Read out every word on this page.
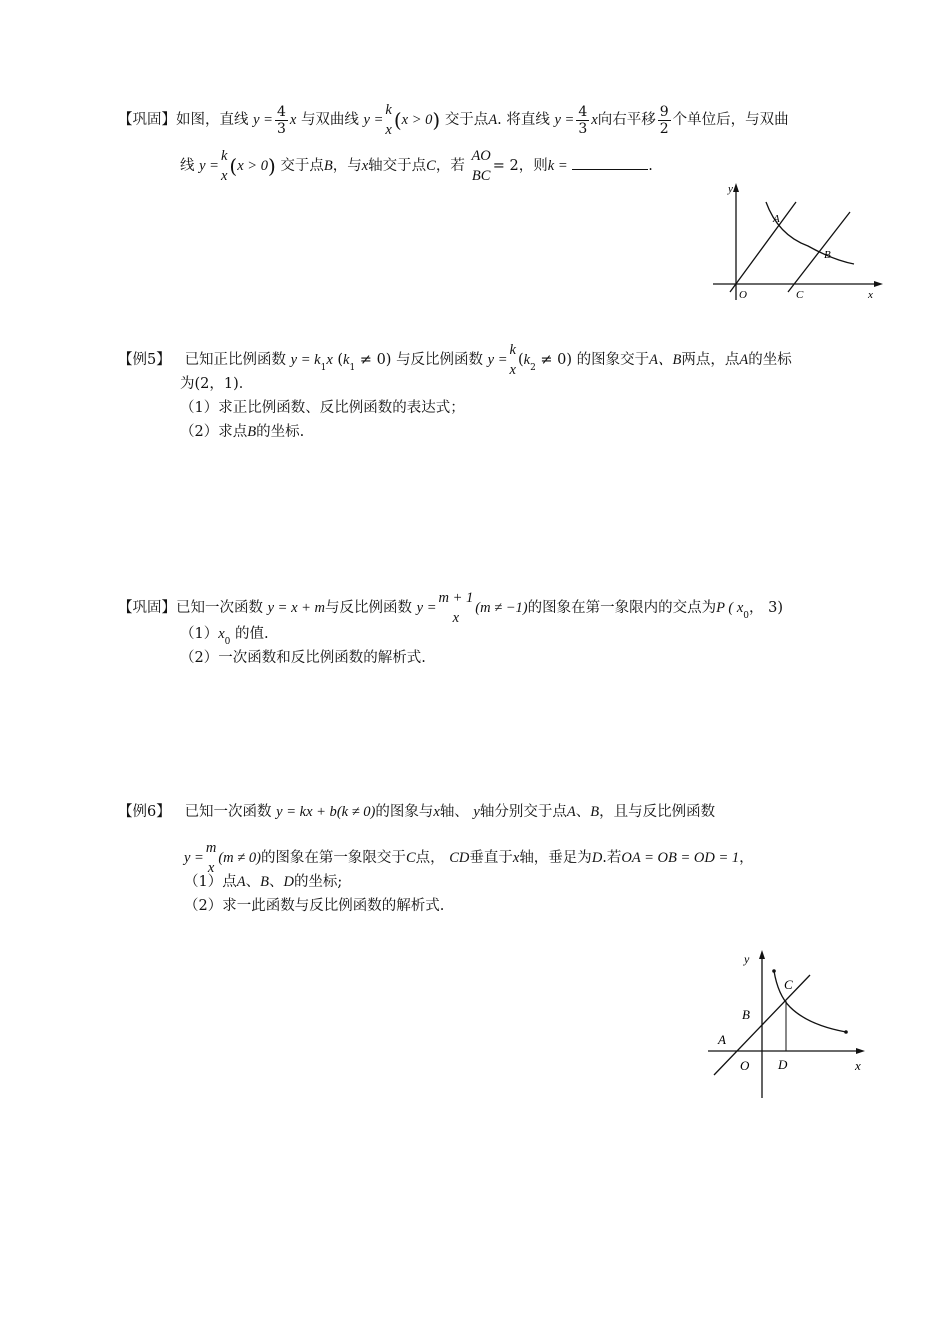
【巩固】如图，直线 $y = \frac{4}{3}$ x 与双曲线 y =
k
x (x > 0) 交于点A. 将直线 $y = \frac{4}{3}$ x向右平移 $\frac{9}{2}$ 个单位后，与双曲
线 y =
k
x (x > 0) 交于点B，与x轴交于点C，若
AO
BC
= 2，则k =	.
y
A
B
O	C	x
【例5】 已知正比例函数 $y = k_1x$ $(k_1 \ne 0)$ 与反比例函数 y =
k
x
$(k_2 \ne 0)$ 的图象交于A、B两点，点A的坐标
为(2，1)．
（1）求正比例函数、反比例函数的表达式；
（2）求点B的坐标.
【巩固】已知一次函数 y = x + m与反比例函数 y =
m + 1
x
(m ≠ −1)的图象在第一象限内的交点为P ( $x_0$， 3)
$(1)x_0$ 的值.
（2）一次函数和反比例函数的解析式.
【例6】 已知一次函数 y = kx + b(k ≠ 0)的图象与x轴、 y轴分别交于点A、B，且与反比例函数
y =
m
x
(m ≠ 0)的图象在第一象限交于C点， CD垂直于x轴，垂足为D.若OA = OB = OD = 1，
（1）点A、B、D的坐标;
（2）求一此函数与反比例函数的解析式.
y
C
B
A
O D	x
